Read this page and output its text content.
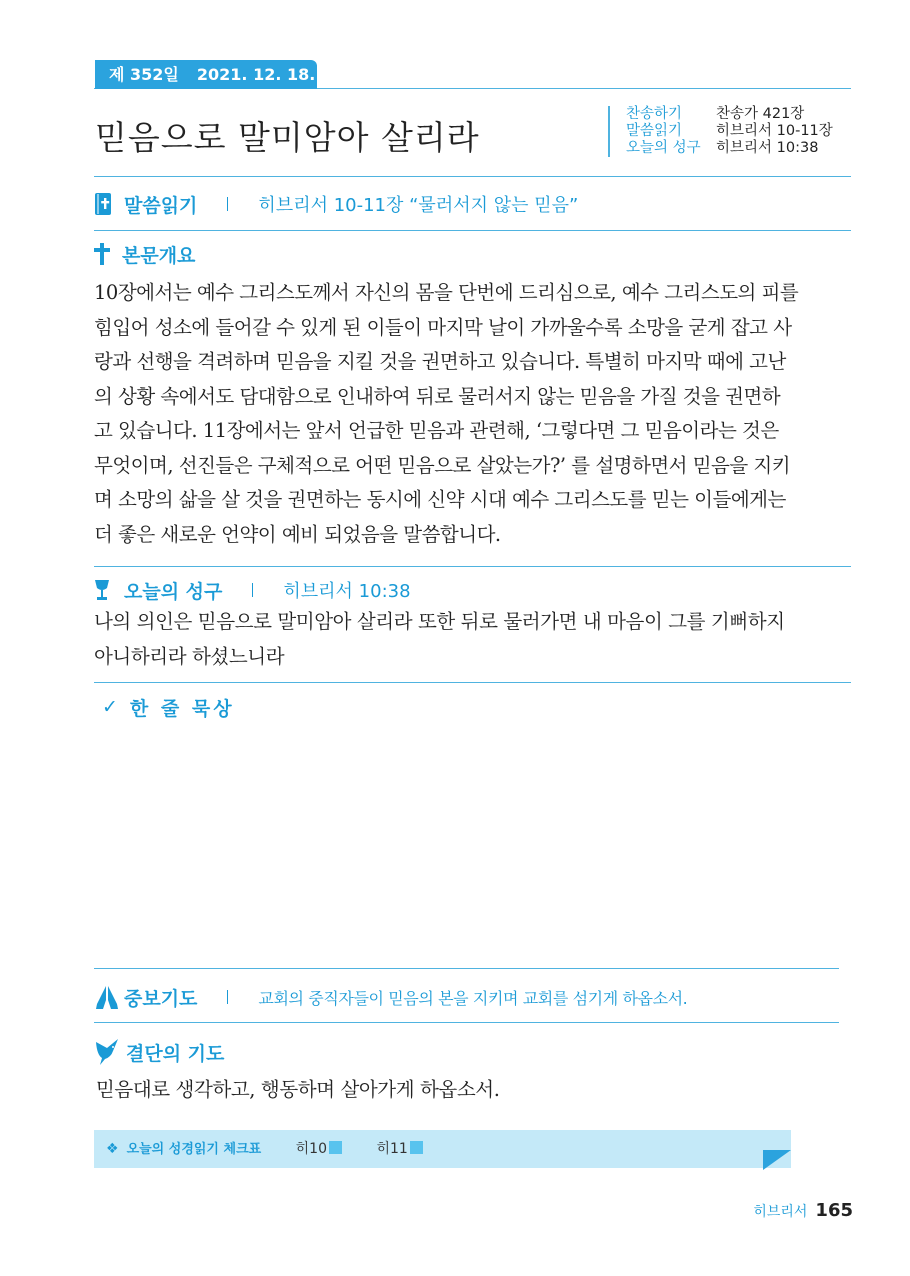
제 352일 2021. 12. 18. 토
믿음으로 말미암아 살리라
찬송하기	찬송가 421장
말씀읽기	히브리서 10-11장
오늘의 성구	히브리서 10:38
말씀읽기	히브리서 10-11장 “물러서지 않는 믿음”
본문개요
10장에서는 예수 그리스도께서 자신의 몸을 단번에 드리심으로, 예수 그리스도의 피를
힘입어 성소에 들어갈 수 있게 된 이들이 마지막 날이 가까울수록 소망을 굳게 잡고 사
랑과 선행을 격려하며 믿음을 지킬 것을 권면하고 있습니다. 특별히 마지막 때에 고난
의 상황 속에서도 담대함으로 인내하여 뒤로 물러서지 않는 믿음을 가질 것을 권면하
고 있습니다. 11장에서는 앞서 언급한 믿음과 관련해, ‘그렇다면 그 믿음이라는 것은
무엇이며, 선진들은 구체적으로 어떤 믿음으로 살았는가?’ 를 설명하면서 믿음을 지키
며 소망의 삶을 살 것을 권면하는 동시에 신약 시대 예수 그리스도를 믿는 이들에게는
더 좋은 새로운 언약이 예비 되었음을 말씀합니다.
오늘의 성구	히브리서 10:38
나의 의인은 믿음으로 말미암아 살리라 또한 뒤로 물러가면 내 마음이 그를 기뻐하지
아니하리라 하셨느니라
✓ 한 줄 묵상
중보기도	교회의 중직자들이 믿음의 본을 지키며 교회를 섬기게 하옵소서.
결단의 기도
믿음대로 생각하고, 행동하며 살아가게 하옵소서.
❖ 오늘의 성경읽기 체크표 히10	히11
히브리서 165
